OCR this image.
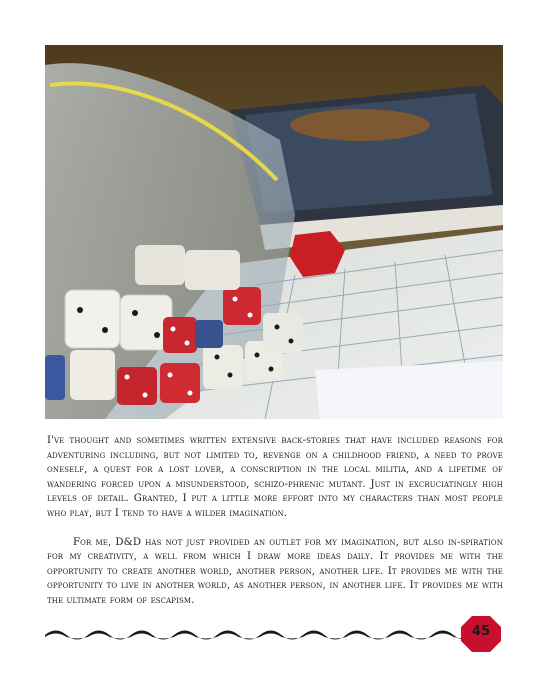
I've thought and sometimes written extensive back-stories that have included reasons for adventuring including, but not limited to, revenge on a childhood friend, a need to prove oneself, a quest for a lost lover, a conscription in the local militia, and a lifetime of wandering forced upon a misunderstood, schizo-phrenic mutant. Just in excruciatingly high levels of detail. Granted, I put a little more effort into my characters than most people who play, but I tend to have a wilder imagination.

For me, D&D has not just provided an outlet for my imagination, but also in-spiration for my creativity, a well from which I draw more ideas daily. It provides me with the opportunity to create another world, another person, another life. It provides me with the opportunity to live in another world, as another person, in another life. It provides me with the ultimate form of escapism.

45
